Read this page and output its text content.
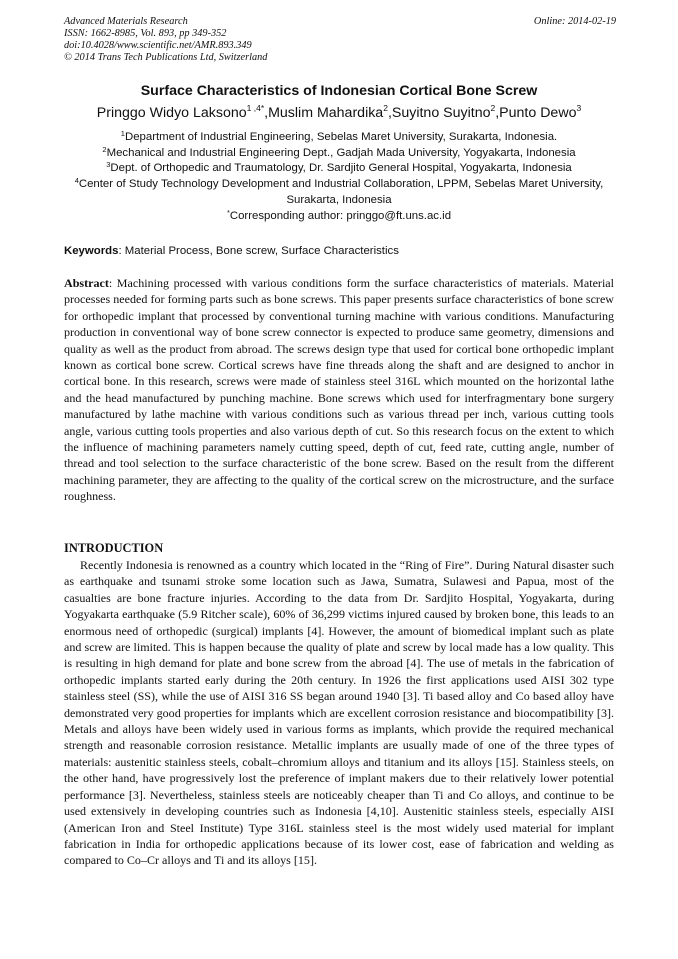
Advanced Materials Research
ISSN: 1662-8985, Vol. 893, pp 349-352
doi:10.4028/www.scientific.net/AMR.893.349
© 2014 Trans Tech Publications Ltd, Switzerland
Online: 2014-02-19
Surface Characteristics of Indonesian Cortical Bone Screw
Pringgo Widyo Laksono$^{1 ,4*}$,Muslim Mahardika$^2$,Suyitno Suyitno$^2$,Punto Dewo$^3$
$^1$Department of Industrial Engineering, Sebelas Maret University, Surakarta, Indonesia.
$^2$Mechanical and Industrial Engineering Dept., Gadjah Mada University, Yogyakarta, Indonesia
$^3$Dept. of Orthopedic and Traumatology, Dr. Sardjito General Hospital, Yogyakarta, Indonesia
$^4$Center of Study Technology Development and Industrial Collaboration, LPPM, Sebelas Maret University, Surakarta, Indonesia
*Corresponding author: pringgo@ft.uns.ac.id
Keywords: Material Process, Bone screw, Surface Characteristics
Abstract: Machining processed with various conditions form the surface characteristics of materials. Material processes needed for forming parts such as bone screws. This paper presents surface characteristics of bone screw for orthopedic implant that processed by conventional turning machine with various conditions. Manufacturing production in conventional way of bone screw connector is expected to produce same geometry, dimensions and quality as well as the product from abroad. The screws design type that used for cortical bone orthopedic implant known as cortical bone screw. Cortical screws have fine threads along the shaft and are designed to anchor in cortical bone. In this research, screws were made of stainless steel 316L which mounted on the horizontal lathe and the head manufactured by punching machine. Bone screws which used for interfragmentary bone surgery manufactured by lathe machine with various conditions such as various thread per inch, various cutting tools angle, various cutting tools properties and also various depth of cut. So this research focus on the extent to which the influence of machining parameters namely cutting speed, depth of cut, feed rate, cutting angle, number of thread and tool selection to the surface characteristic of the bone screw. Based on the result from the different machining parameter, they are affecting to the quality of the cortical screw on the microstructure, and the surface roughness.
INTRODUCTION
Recently Indonesia is renowned as a country which located in the “Ring of Fire”. During Natural disaster such as earthquake and tsunami stroke some location such as Jawa, Sumatra, Sulawesi and Papua, most of the casualties are bone fracture injuries. According to the data from Dr. Sardjito Hospital, Yogyakarta, during Yogyakarta earthquake (5.9 Ritcher scale), 60% of 36,299 victims injured caused by broken bone, this leads to an enormous need of orthopedic (surgical) implants [4]. However, the amount of biomedical implant such as plate and screw are limited. This is happen because the quality of plate and screw by local made has a low quality. This is resulting in high demand for plate and bone screw from the abroad [4]. The use of metals in the fabrication of orthopedic implants started early during the 20th century. In 1926 the first applications used AISI 302 type stainless steel (SS), while the use of AISI 316 SS began around 1940 [3]. Ti based alloy and Co based alloy have demonstrated very good properties for implants which are excellent corrosion resistance and biocompatibility [3]. Metals and alloys have been widely used in various forms as implants, which provide the required mechanical strength and reasonable corrosion resistance. Metallic implants are usually made of one of the three types of materials: austenitic stainless steels, cobalt–chromium alloys and titanium and its alloys [15]. Stainless steels, on the other hand, have progressively lost the preference of implant makers due to their relatively lower potential performance [3]. Nevertheless, stainless steels are noticeably cheaper than Ti and Co alloys, and continue to be used extensively in developing countries such as Indonesia [4,10]. Austenitic stainless steels, especially AISI (American Iron and Steel Institute) Type 316L stainless steel is the most widely used material for implant fabrication in India for orthopedic applications because of its lower cost, ease of fabrication and welding as compared to Co–Cr alloys and Ti and its alloys [15].
